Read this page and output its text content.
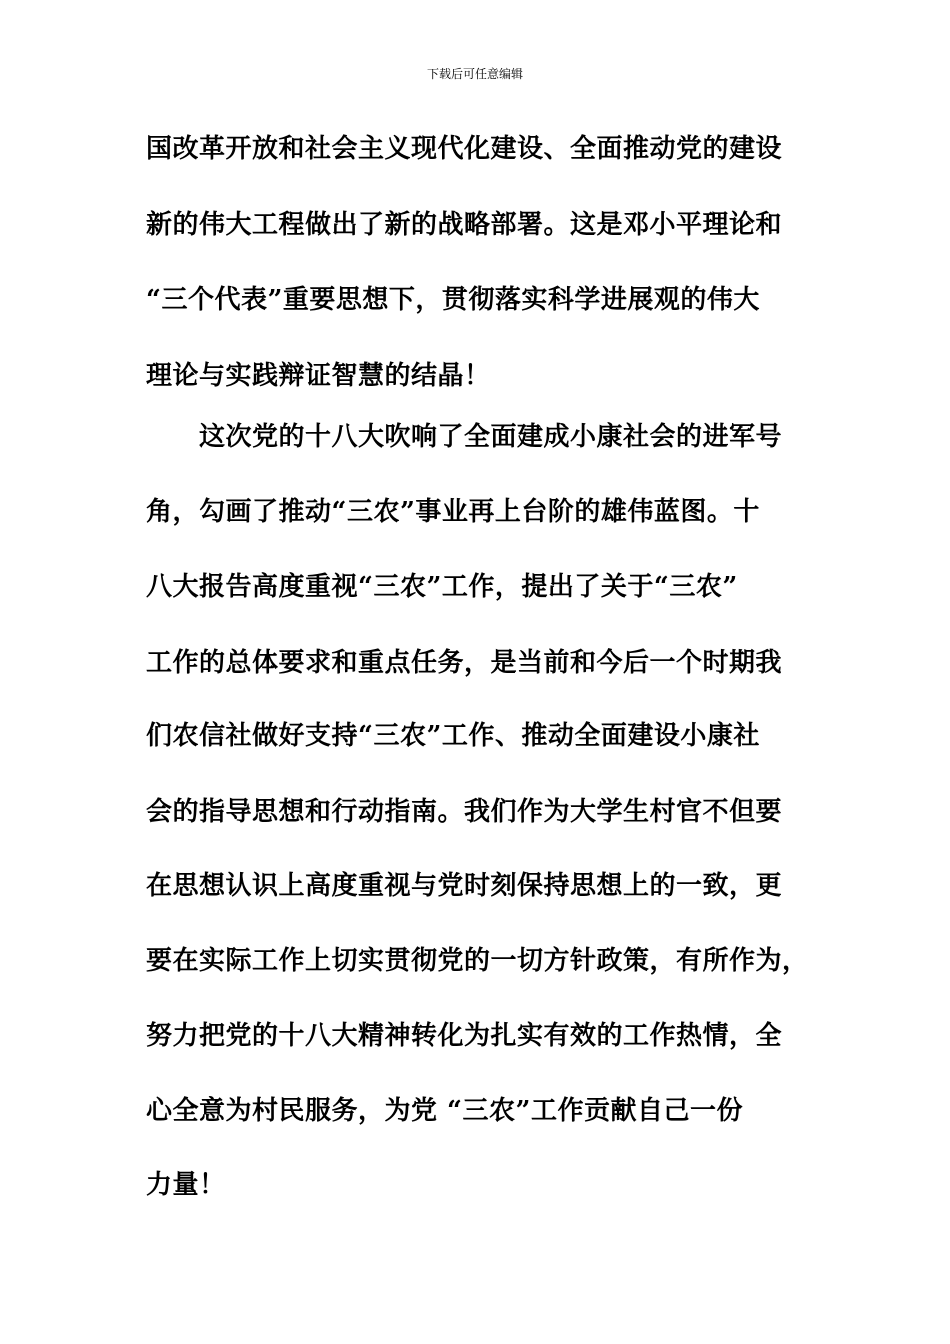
下载后可任意编辑
国改革开放和社会主义现代化建设、全面推动党的建设
新的伟大工程做出了新的战略部署。这是邓小平理论和
“三个代表”重要思想下，贯彻落实科学进展观的伟大
理论与实践辩证智慧的结晶！
　　这次党的十八大吹响了全面建成小康社会的进军号
角，勾画了推动“三农”事业再上台阶的雄伟蓝图。十
八大报告高度重视“三农”工作，提出了关于“三农”
工作的总体要求和重点任务，是当前和今后一个时期我
们农信社做好支持“三农”工作、推动全面建设小康社
会的指导思想和行动指南。我们作为大学生村官不但要
在思想认识上高度重视与党时刻保持思想上的一致，更
要在实际工作上切实贯彻党的一切方针政策，有所作为，
努力把党的十八大精神转化为扎实有效的工作热情，全
心全意为村民服务，为党 “三农”工作贡献自己一份
力量！
